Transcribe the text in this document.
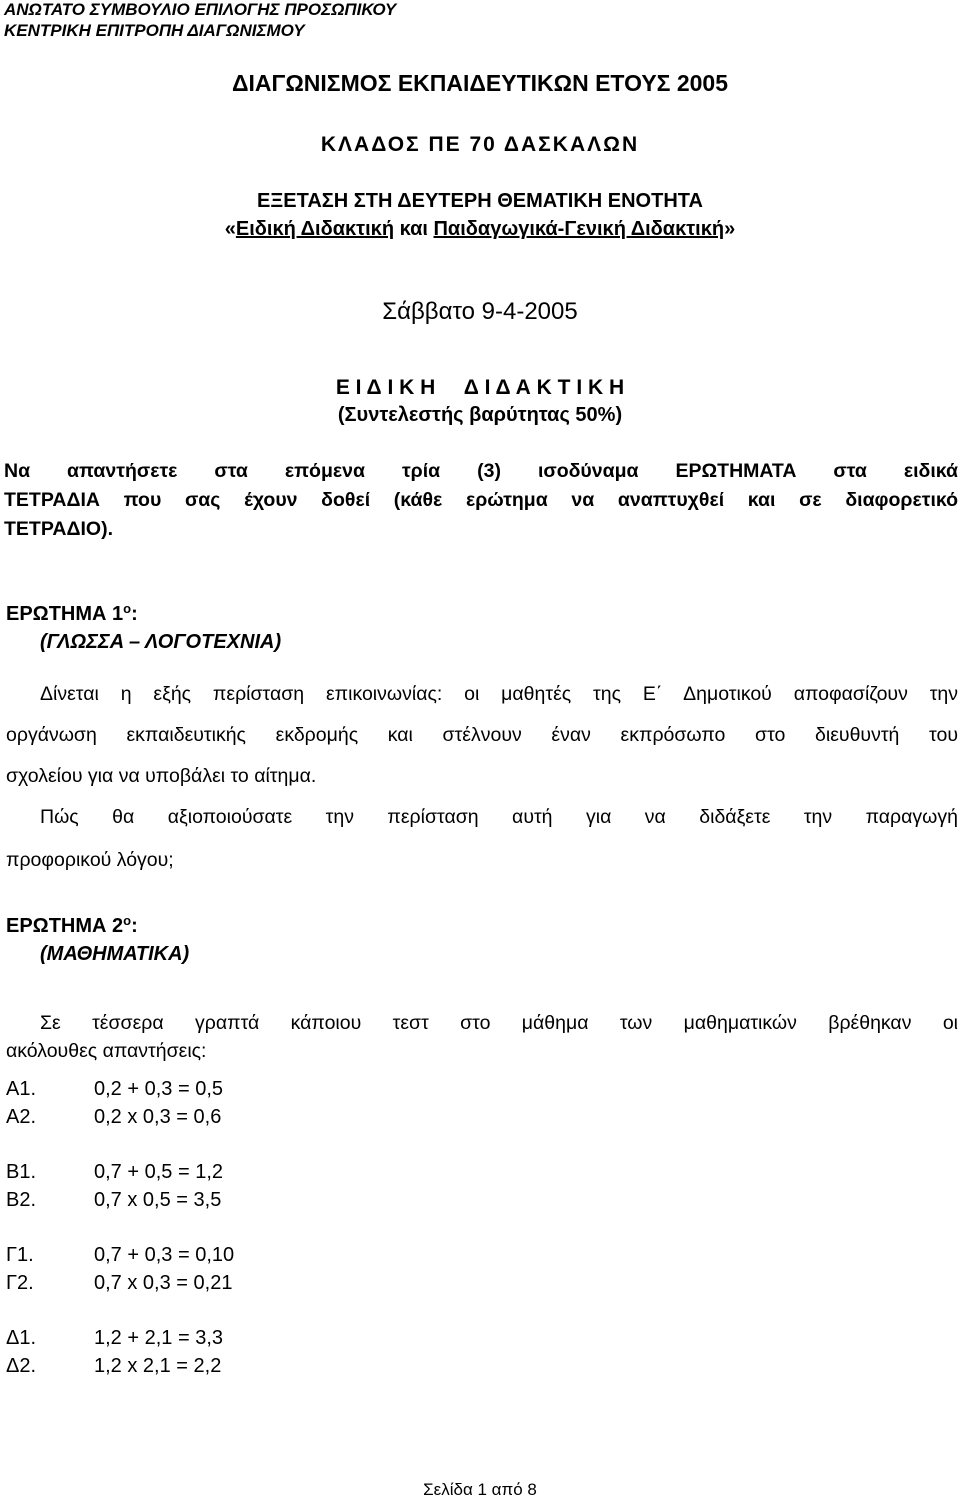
ΑΝΩΤΑΤΟ ΣΥΜΒΟΥΛΙΟ ΕΠΙΛΟΓΗΣ ΠΡΟΣΩΠΙΚΟΥ
ΚΕΝΤΡΙΚΗ ΕΠΙΤΡΟΠΗ ΔΙΑΓΩΝΙΣΜΟΥ
ΔΙΑΓΩΝΙΣΜΟΣ ΕΚΠΑΙΔΕΥΤΙΚΩΝ ΕΤΟΥΣ 2005
ΚΛΑΔΟΣ ΠΕ 70 ΔΑΣΚΑΛΩΝ
ΕΞΕΤΑΣΗ ΣΤΗ ΔΕΥΤΕΡΗ ΘΕΜΑΤΙΚΗ ΕΝΟΤΗΤΑ
«Ειδική Διδακτική και Παιδαγωγικά-Γενική Διδακτική»
Σάββατο 9-4-2005
Ε Ι Δ Ι Κ Η     Δ Ι Δ Α Κ Τ Ι Κ Η
(Συντελεστής βαρύτητας 50%)
Να απαντήσετε στα επόμενα τρία (3) ισοδύναμα ΕΡΩΤΗΜΑΤΑ στα ειδικά
ΤΕΤΡΑΔΙΑ που σας έχουν δοθεί (κάθε ερώτημα να αναπτυχθεί και σε διαφορετικό
ΤΕΤΡΑΔΙΟ).
ΕΡΩΤΗΜΑ $1^o$:
(ΓΛΩΣΣΑ – ΛΟΓΟΤΕΧΝΙΑ)
Δίνεται η εξής περίσταση επικοινωνίας: οι μαθητές της Ε΄ Δημοτικού αποφασίζουν την
οργάνωση εκπαιδευτικής εκδρομής και στέλνουν έναν εκπρόσωπο στο διευθυντή του
σχολείου για να υποβάλει το αίτημα.
Πώς θα αξιοποιούσατε την περίσταση αυτή για να διδάξετε την παραγωγή
προφορικού λόγου;
ΕΡΩΤΗΜΑ $2^o$:
(ΜΑΘΗΜΑΤΙΚΑ)
Σε τέσσερα γραπτά κάποιου τεστ στο μάθημα των μαθηματικών βρέθηκαν οι
ακόλουθες απαντήσεις:
Α1.	0,2 + 0,3 = 0,5
Α2.	0,2 x 0,3 = 0,6
Β1.	0,7 + 0,5 = 1,2
Β2.	0,7 x 0,5 = 3,5
Γ1.	0,7 + 0,3 = 0,10
Γ2.	0,7 x 0,3 = 0,21
Δ1.	1,2 + 2,1 = 3,3
Δ2.	1,2 x 2,1 = 2,2
Σελίδα 1 από 8
